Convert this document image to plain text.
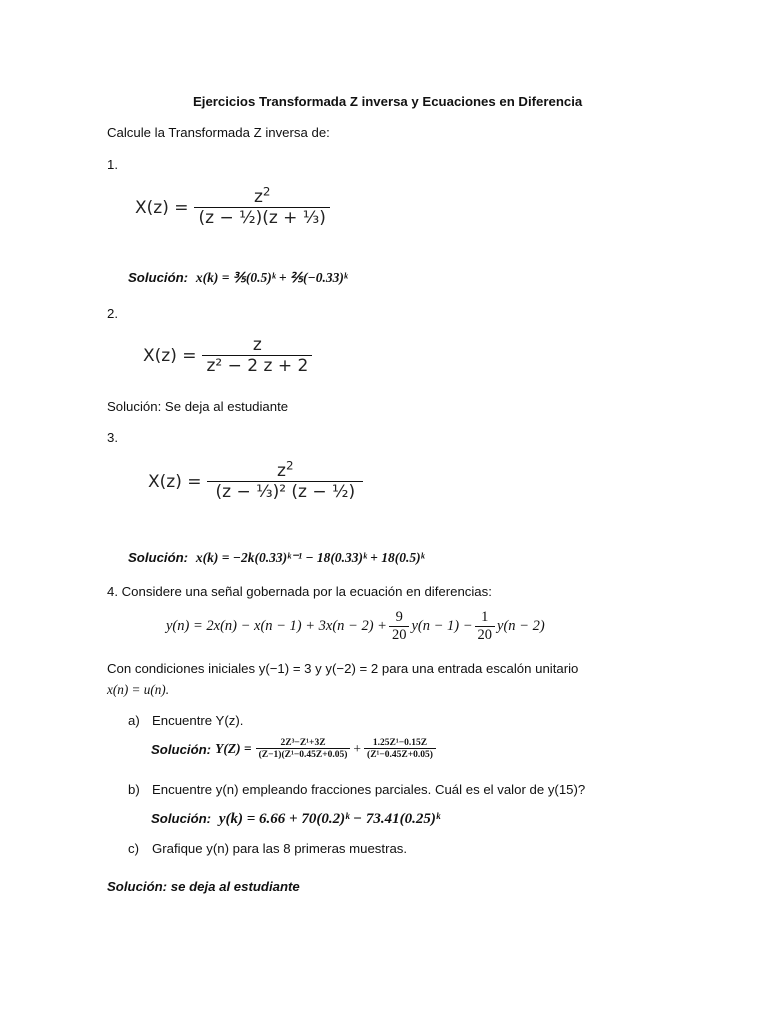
Ejercicios Transformada Z inversa y Ecuaciones en Diferencia
Calcule la Transformada Z inversa de:
1.
$X(z) = \frac{z^2}{\text{(z − ½)(z + ⅓)}}$
Solución: x(k) = ⅗(0.5)ᵏ + ⅖(−0.33)ᵏ
2.
$X(z) = \frac{z}{\text{z² − 2 z + 2}}$
Solución: Se deja al estudiante
3.
$X(z) = \frac{z^2}{\text{(z − ⅓)² (z − ½)}}$
Solución: x(k) = −2k(0.33)ᵏ⁻¹ − 18(0.33)ᵏ + 18(0.5)ᵏ
4. Considere una señal gobernada por la ecuación en diferencias:
$y(n) = 2x(n) - x(n - 1) + 3x(n - 2) + \frac{9}{20} y(n - 1) - \frac{1}{20} y(n - 2)$
Con condiciones iniciales y(−1) = 3 y y(−2) = 2 para una entrada escalón unitario
x(n) = u(n).
a) Encuentre Y(z).
Solución: $Y(Z) = \frac{\text{2Z³−Z¹+3Z}}{\text{(Z−1)(Z¹−0.45Z+0.05)}} + \frac{\text{1.25Z¹−0.15Z}}{\text{(Z¹−0.45Z+0.05)}}$
b) Encuentre y(n) empleando fracciones parciales. Cuál es el valor de y(15)?
Solución: y(k) = 6.66 + 70(0.2)ᵏ − 73.41(0.25)ᵏ
c) Grafique y(n) para las 8 primeras muestras.
Solución: se deja al estudiante
